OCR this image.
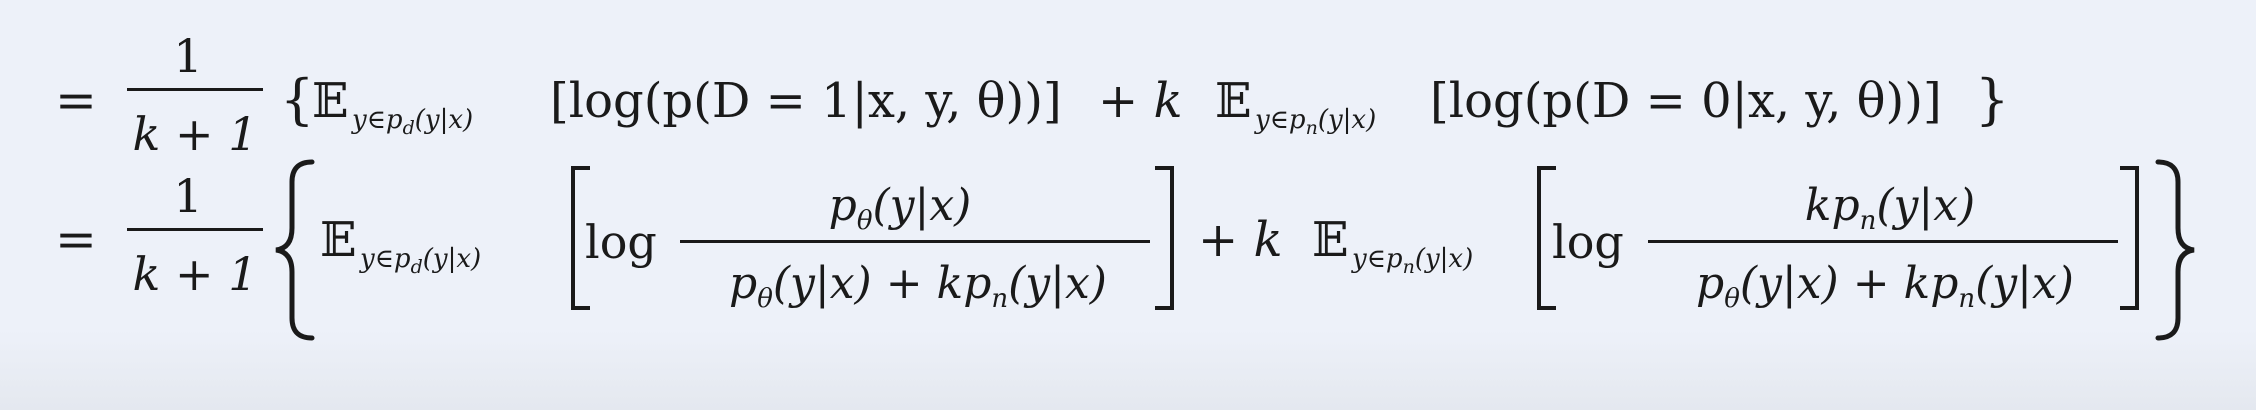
=
1
k + 1
{
𝔼 $y\in p_d(y|x) [\log(p(D = 1|x$, y, θ))] + k 𝔼 $y\in p_n(y|x) [\log(p(D = 0|x$, y, θ))] }
=
1
k + 1
𝔼 $y\in p_d(y|x)$ log
$p_\theta(y|x)$
$p_\theta(y|x) + kp_n(y|x)$
+ k 𝔼 $y\in p_n(y|x)$ log
$kp_n(y|x)$
$p_\theta(y|x) + kp_n(y|x)$
